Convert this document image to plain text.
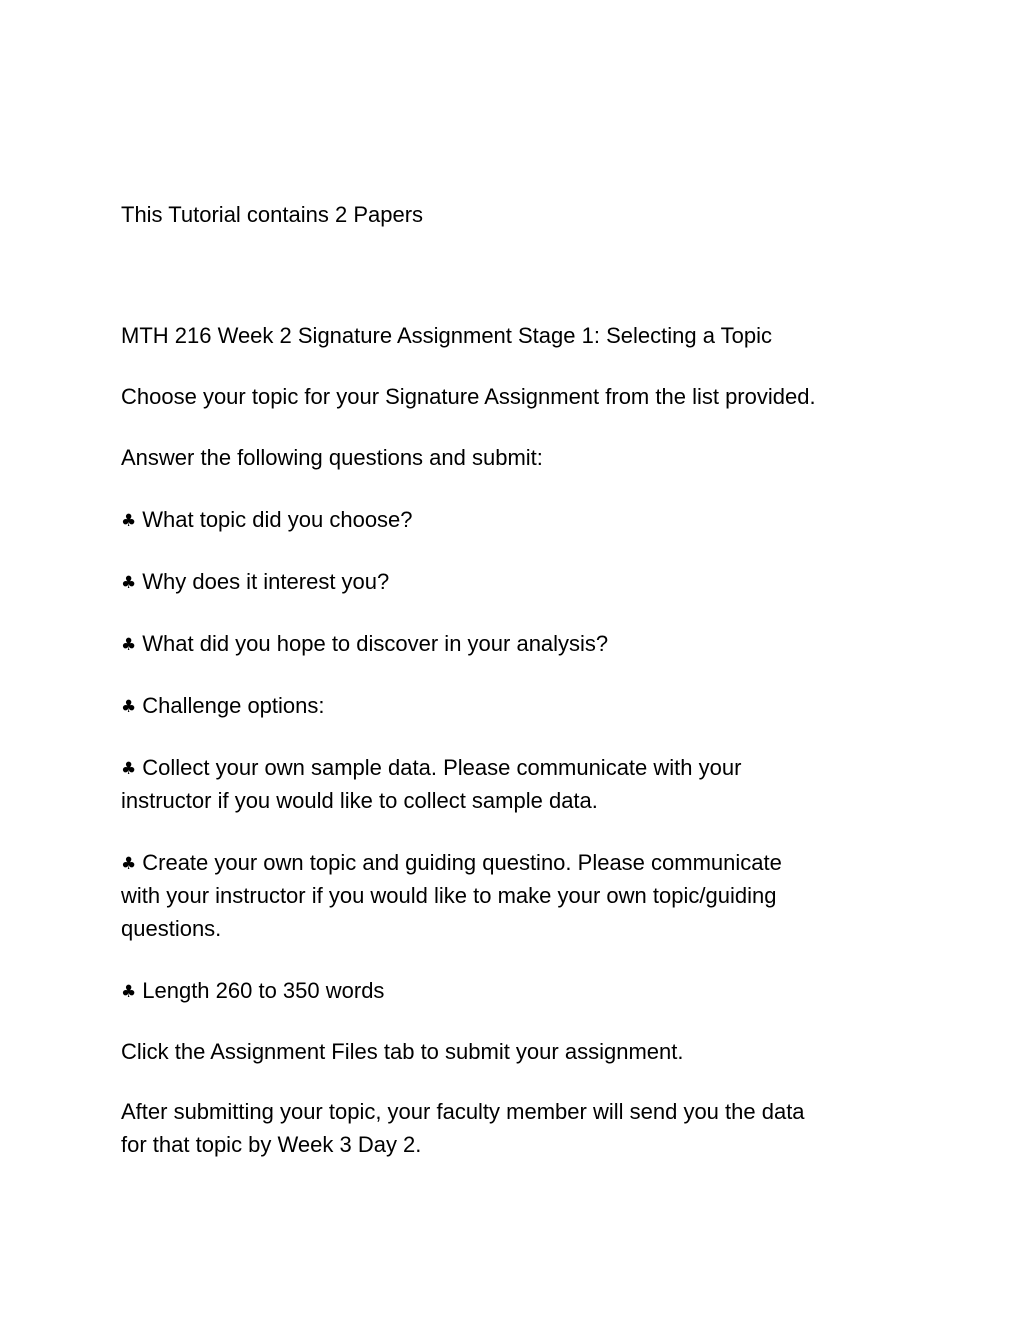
This Tutorial contains 2 Papers

MTH 216 Week 2 Signature Assignment Stage 1: Selecting a Topic

Choose your topic for your Signature Assignment from the list provided.

Answer the following questions and submit:

♣ What topic did you choose?

♣ Why does it interest you?

♣ What did you hope to discover in your analysis?

♣ Challenge options:

♣ Collect your own sample data. Please communicate with your

instructor if you would like to collect sample data.

♣ Create your own topic and guiding questino. Please communicate

with your instructor if you would like to make your own topic/guiding

questions.

♣ Length 260 to 350 words

Click the Assignment Files tab to submit your assignment.

After submitting your topic, your faculty member will send you the data

for that topic by Week 3 Day 2.
